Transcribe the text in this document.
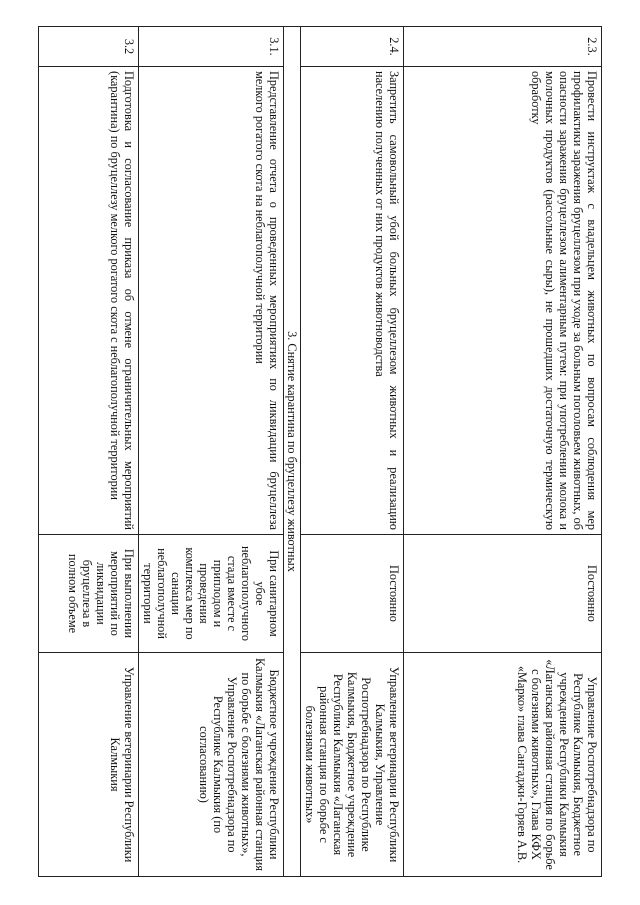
2.3.	Провести инструктаж с владельцем животных по вопросам соблюдения мер профилактики заражения бруцеллезом при уходе за больным поголовьем животных, об опасности заражения бруцеллезом алиментарным путем: при употреблении молока и молочных продуктов (рассольные сыры), не прошедших достаточную термическую обработку	Постоянно	Управление Роспотребнадзора по Республике Калмыкия, Бюджетное учреждение Республики Калмыкия «Лаганская районная станция по борьбе с болезнями животных», Глава КФХ «Марко» глава Сангаджи-Горяев А.В.
2.4.	Запретить самовольный убой больных бруцеллезом животных и реализацию населению полученных от них продуктов животноводства	Постоянно	Управление ветеринарии Республики Калмыкия, Управление Роспотребнадзора по Республике Калмыкия, Бюджетное учреждение Республики Калмыкия «Лаганская районная станция по борьбе с болезнями животных»
3. Снятие карантина по бруцеллезу животных			
3.1.	Представление отчета о проведенных мероприятиях по ликвидации бруцеллеза мелкого рогатого скота на неблагополучной территории	При санитарном убое неблагополучного стада вместе с приплодом и проведения комплекса мер по санации неблагополучной территории	Бюджетное учреждение Республики Калмыкия «Лаганская районная станция по борьбе с болезнями животных», Управление Роспотребнадзора по Республике Калмыкия (по согласованию)
3.2	Подготовка и согласование приказа об отмене ограничительных мероприятий (карантина) по бруцеллезу мелкого рогатого скота с неблагополучной территории	При выполнении мероприятий по ликвидации бруцеллеза в полном объеме	Управление ветеринарии Республики Калмыкия
